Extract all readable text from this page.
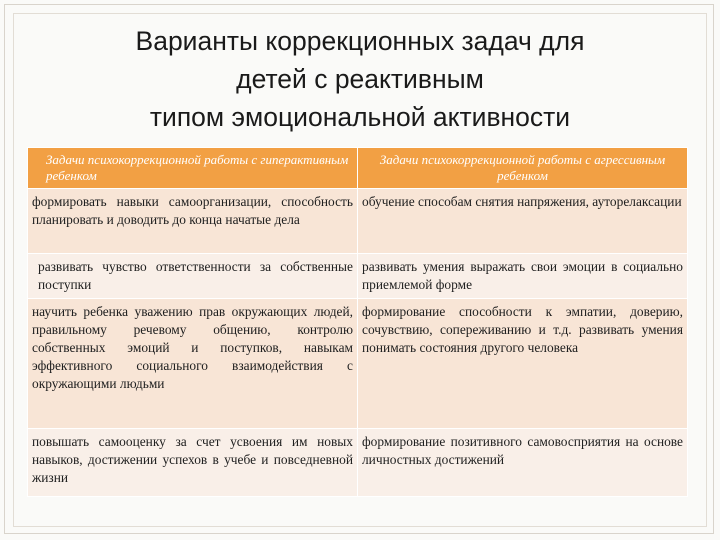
Варианты коррекционных задач для
детей с реактивным
типом эмоциональной активности
Задачи психокоррекционной работы с гиперактивным ребенком	Задачи психокоррекционной работы с агрессивным ребенком
формировать навыки самоорганизации, способность планировать и доводить до конца начатые дела	обучение способам снятия напряжения, ауторелаксации
развивать чувство ответственности за собственные поступки	развивать умения выражать свои эмоции в социально приемлемой форме
научить ребенка уважению прав окружающих людей, правильному речевому общению, контролю собственных эмоций и поступков, навыкам эффективного социального взаимодействия с окружающими людьми	формирование способности к эмпатии, доверию, сочувствию, сопереживанию и т.д. развивать умения понимать состояния другого человека
повышать самооценку за счет усвоения им новых навыков, достижении успехов в учебе и повседневной жизни	формирование позитивного самовосприятия на основе личностных достижений
